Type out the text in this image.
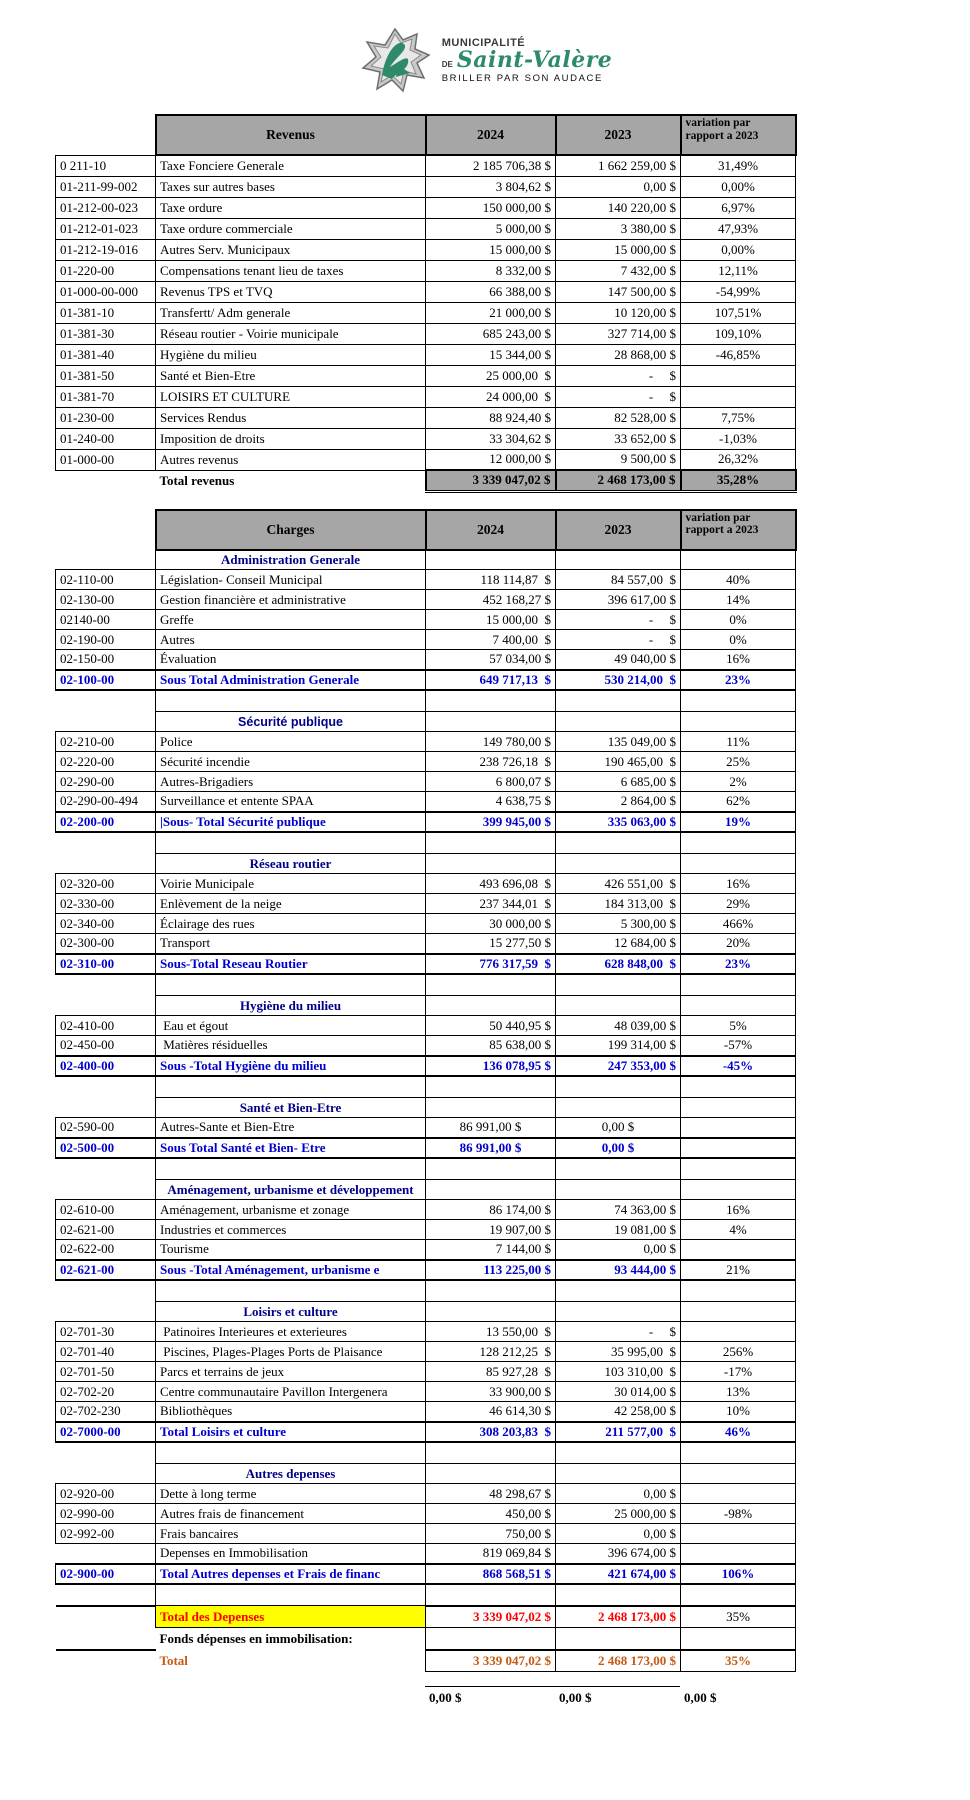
MUNICIPALITÉ
DE Saint-Valère
BRILLER PAR SON AUDACE
	Revenus	2024	2023	variation par rapport a 2023
0 211-10	Taxe Fonciere Generale	2 185 706,38 $	1 662 259,00 $	31,49%
01-211-99-002	Taxes sur autres bases	3 804,62 $	0,00 $	0,00%
01-212-00-023	Taxe ordure	150 000,00 $	140 220,00 $	6,97%
01-212-01-023	Taxe ordure commerciale	5 000,00 $	3 380,00 $	47,93%
01-212-19-016	Autres Serv. Municipaux	15 000,00 $	15 000,00 $	0,00%
01-220-00	Compensations tenant lieu de taxes	8 332,00 $	7 432,00 $	12,11%
01-000-00-000	Revenus TPS et TVQ	66 388,00 $	147 500,00 $	-54,99%
01-381-10	Transfertt/ Adm generale	21 000,00 $	10 120,00 $	107,51%
01-381-30	Réseau routier - Voirie municipale	685 243,00 $	327 714,00 $	109,10%
01-381-40	Hygiène du milieu	15 344,00 $	28 868,00 $	-46,85%
01-381-50	Santé et Bien-Etre	25 000,00  $	-     $	
01-381-70	LOISIRS ET CULTURE	24 000,00  $	-     $	
01-230-00	Services Rendus	88 924,40 $	82 528,00 $	7,75%
01-240-00	Imposition de droits	33 304,62 $	33 652,00 $	-1,03%
01-000-00	Autres revenus	12 000,00 $	9 500,00 $	26,32%
	Total revenus	3 339 047,02 $	2 468 173,00 $	35,28%
	Charges	2024	2023	variation par rapport a 2023
	Administration Generale			
02-110-00	Législation- Conseil Municipal	118 114,87  $	84 557,00  $	40%
02-130-00	Gestion financière et administrative	452 168,27 $	396 617,00 $	14%
02140-00	Greffe	15 000,00  $	-     $	0%
02-190-00	Autres	7 400,00  $	-     $	0%
02-150-00	Évaluation	57 034,00 $	49 040,00 $	16%
02-100-00	Sous Total Administration Generale	649 717,13  $	530 214,00  $	23%

	Sécurité publique			
02-210-00	Police	149 780,00 $	135 049,00 $	11%
02-220-00	Sécurité incendie	238 726,18  $	190 465,00  $	25%
02-290-00	Autres-Brigadiers	6 800,07 $	6 685,00 $	2%
02-290-00-494	Surveillance et entente SPAA	4 638,75 $	2 864,00 $	62%
02-200-00	|Sous- Total Sécurité publique	399 945,00 $	335 063,00 $	19%

	Réseau routier			
02-320-00	Voirie Municipale	493 696,08  $	426 551,00  $	16%
02-330-00	Enlèvement de la neige	237 344,01  $	184 313,00  $	29%
02-340-00	Éclairage des rues	30 000,00 $	5 300,00 $	466%
02-300-00	Transport	15 277,50 $	12 684,00 $	20%
02-310-00	Sous-Total Reseau Routier	776 317,59  $	628 848,00  $	23%

	Hygiène du milieu			
02-410-00	Eau et égout	50 440,95 $	48 039,00 $	5%
02-450-00	Matières résiduelles	85 638,00 $	199 314,00 $	-57%
02-400-00	Sous -Total Hygiène du milieu	136 078,95 $	247 353,00 $	-45%

	Santé et Bien-Etre			
02-590-00	Autres-Sante et Bien-Etre	86 991,00 $	0,00 $	
02-500-00	Sous Total Santé et Bien- Etre	86 991,00 $	0,00 $	

	Aménagement, urbanisme et développement			
02-610-00	Aménagement, urbanisme et zonage	86 174,00 $	74 363,00 $	16%
02-621-00	Industries et commerces	19 907,00 $	19 081,00 $	4%
02-622-00	Tourisme	7 144,00 $	0,00 $	
02-621-00	Sous -Total Aménagement, urbanisme e	113 225,00 $	93 444,00 $	21%

	Loisirs et culture			
02-701-30	Patinoires Interieures et exterieures	13 550,00  $	-     $	
02-701-40	Piscines, Plages-Plages Ports de Plaisance	128 212,25  $	35 995,00  $	256%
02-701-50	Parcs et terrains de jeux	85 927,28  $	103 310,00  $	-17%
02-702-20	Centre communautaire Pavillon Intergenera	33 900,00 $	30 014,00 $	13%
02-702-230	Bibliothèques	46 614,30 $	42 258,00 $	10%
02-7000-00	Total Loisirs et culture	308 203,83  $	211 577,00  $	46%

	Autres depenses			
02-920-00	Dette à long terme	48 298,67 $	0,00 $	
02-990-00	Autres frais de financement	450,00 $	25 000,00 $	-98%
02-992-00	Frais bancaires	750,00 $	0,00 $	
	Depenses en Immobilisation	819 069,84 $	396 674,00 $	
02-900-00	Total Autres depenses et Frais de financ	868 568,51 $	421 674,00 $	106%

	Total des Depenses	3 339 047,02 $	2 468 173,00 $	35%
	Fonds dépenses en immobilisation:			
	Total	3 339 047,02 $	2 468 173,00 $	35%
		0,00 $	0,00 $	0,00 $
